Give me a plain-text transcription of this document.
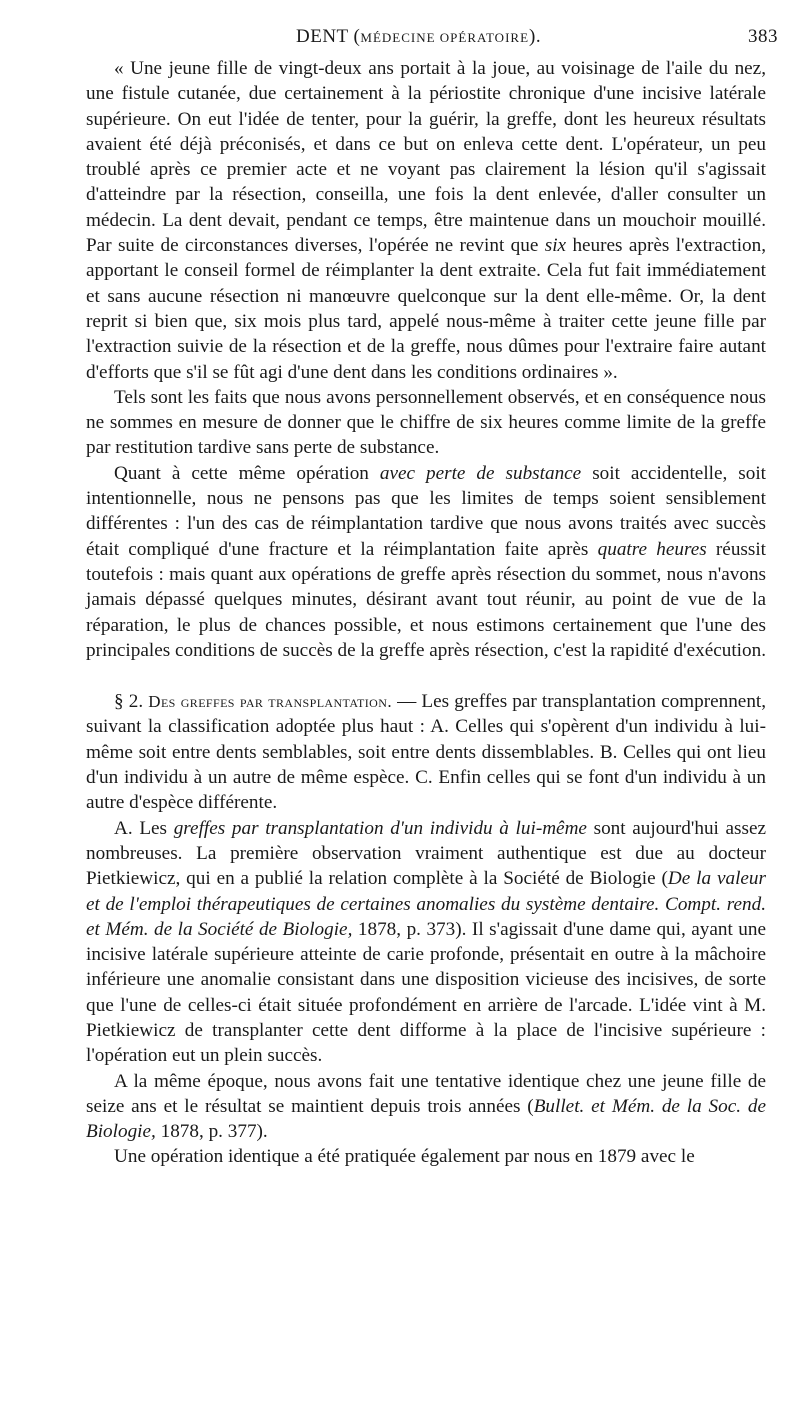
DENT (MÉDECINE OPÉRATOIRE).	383

« Une jeune fille de vingt-deux ans portait à la joue, au voisinage de l'aile du nez, une fistule cutanée, due certainement à la périostite chronique d'une incisive latérale supérieure. On eut l'idée de tenter, pour la guérir, la greffe, dont les heureux résultats avaient été déjà préconisés, et dans ce but on enleva cette dent. L'opérateur, un peu troublé après ce premier acte et ne voyant pas clairement la lésion qu'il s'agissait d'atteindre par la résection, conseilla, une fois la dent enlevée, d'aller consulter un médecin. La dent devait, pendant ce temps, être maintenue dans un mouchoir mouillé. Par suite de circonstances diverses, l'opérée ne revint que six heures après l'extraction, apportant le conseil formel de réimplanter la dent extraite. Cela fut fait immédiatement et sans aucune résection ni manœuvre quelconque sur la dent elle-même. Or, la dent reprit si bien que, six mois plus tard, appelé nous-même à traiter cette jeune fille par l'extraction suivie de la résection et de la greffe, nous dûmes pour l'extraire faire autant d'efforts que s'il se fût agi d'une dent dans les conditions ordinaires ».

Tels sont les faits que nous avons personnellement observés, et en conséquence nous ne sommes en mesure de donner que le chiffre de six heures comme limite de la greffe par restitution tardive sans perte de substance.

Quant à cette même opération avec perte de substance soit accidentelle, soit intentionnelle, nous ne pensons pas que les limites de temps soient sensiblement différentes : l'un des cas de réimplantation tardive que nous avons traités avec succès était compliqué d'une fracture et la réimplantation faite après quatre heures réussit toutefois : mais quant aux opérations de greffe après résection du sommet, nous n'avons jamais dépassé quelques minutes, désirant avant tout réunir, au point de vue de la réparation, le plus de chances possible, et nous estimons certainement que l'une des principales conditions de succès de la greffe après résection, c'est la rapidité d'exécution.

§ 2. Des greffes par transplantation. — Les greffes par transplantation comprennent, suivant la classification adoptée plus haut : A. Celles qui s'opèrent d'un individu à lui-même soit entre dents semblables, soit entre dents dissemblables. B. Celles qui ont lieu d'un individu à un autre de même espèce. C. Enfin celles qui se font d'un individu à un autre d'espèce différente.

A. Les greffes par transplantation d'un individu à lui-même sont aujourd'hui assez nombreuses. La première observation vraiment authentique est due au docteur Pietkiewicz, qui en a publié la relation complète à la Société de Biologie (De la valeur et de l'emploi thérapeutiques de certaines anomalies du système dentaire. Compt. rend. et Mém. de la Société de Biologie, 1878, p. 373). Il s'agissait d'une dame qui, ayant une incisive latérale supérieure atteinte de carie profonde, présentait en outre à la mâchoire inférieure une anomalie consistant dans une disposition vicieuse des incisives, de sorte que l'une de celles-ci était située profondément en arrière de l'arcade. L'idée vint à M. Pietkiewicz de transplanter cette dent difforme à la place de l'incisive supérieure : l'opération eut un plein succès.

A la même époque, nous avons fait une tentative identique chez une jeune fille de seize ans et le résultat se maintient depuis trois années (Bullet. et Mém. de la Soc. de Biologie, 1878, p. 377).

Une opération identique a été pratiquée également par nous en 1879 avec le
